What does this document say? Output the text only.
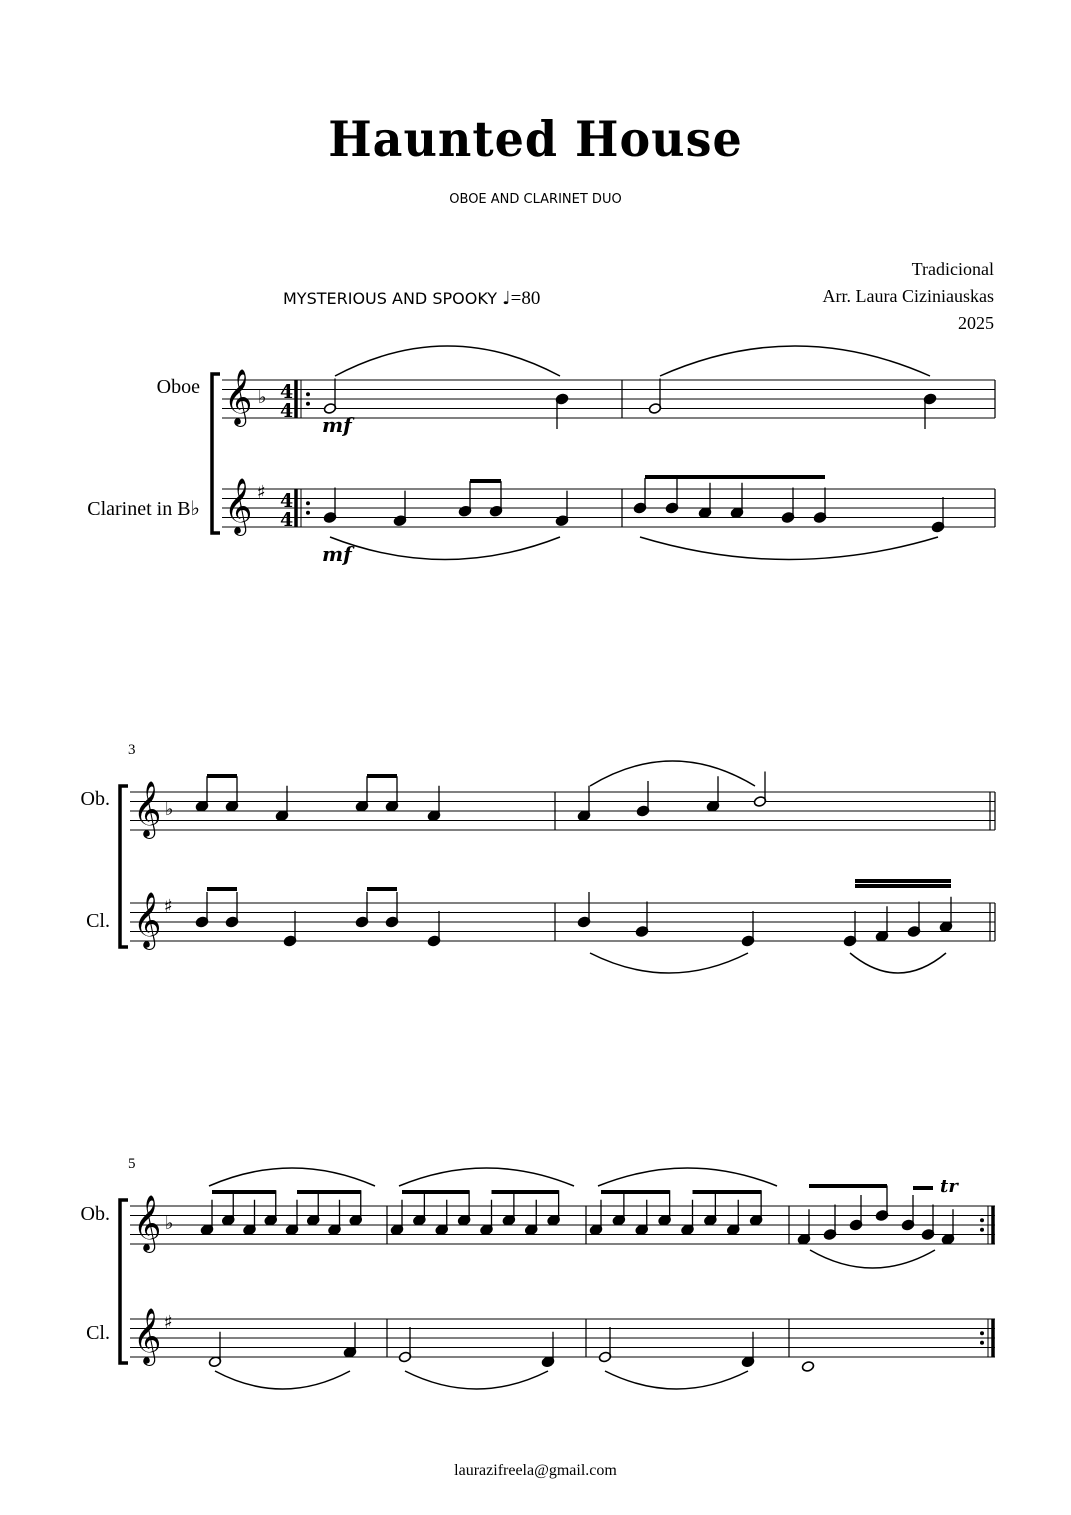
Haunted House
OBOE AND CLARINET DUO
Tradicional
Arr. Laura Ciziniauskas
2025
MYSTERIOUS AND SPOOKY ♩=80
Oboe
Clarinet in B♭
Ob.
Cl.
Ob.
Cl.
3
5
𝄞
𝄞
♭
♯
4
4
4
4
𝄞
𝄞
♭
♯
𝄞
𝄞
♭
♯
mf
mf
tr
laurazifreela@gmail.com
